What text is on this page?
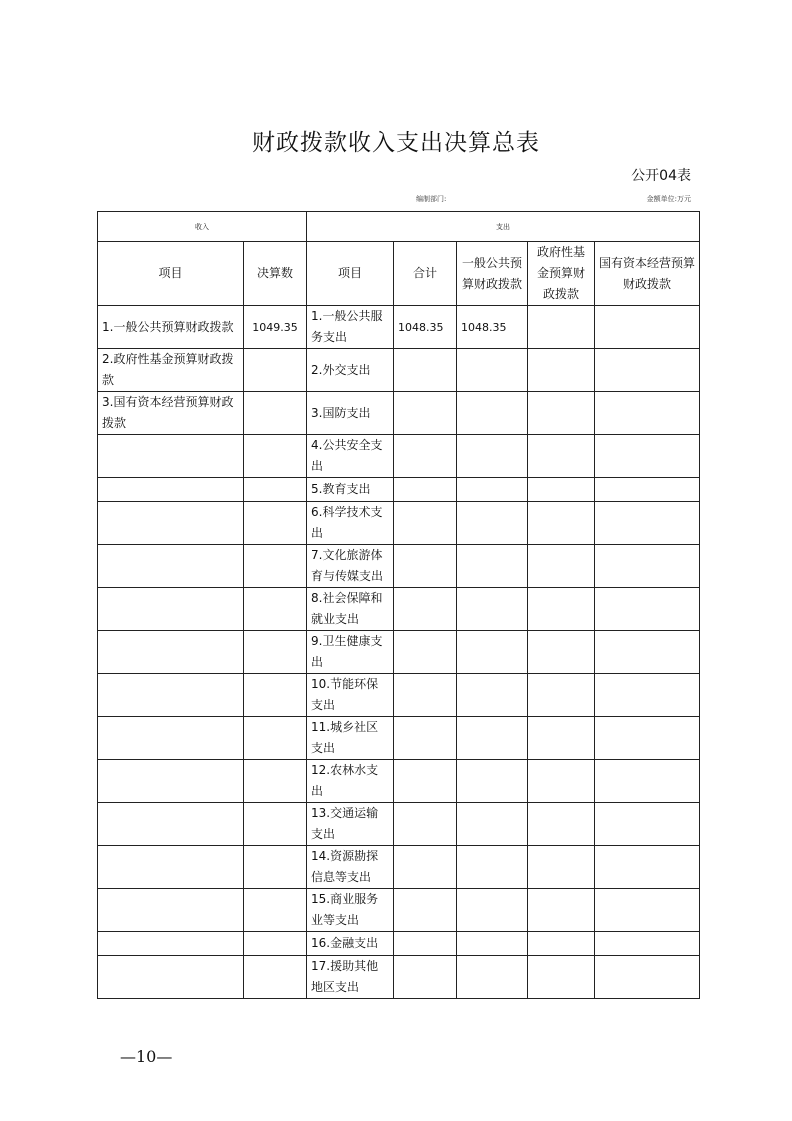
财政拨款收入支出决算总表
公开04表
编制部门:	金额单位:万元
收入		支出				
项目	决算数	项目	合计	一般公共预算财政拨款	政府性基金预算财政拨款	国有资本经营预算财政拨款
1.一般公共预算财政拨款	1049.35	1.一般公共服务支出	1048.35	1048.35		
2.政府性基金预算财政拨款		2.外交支出				
3.国有资本经营预算财政拨款		3.国防支出				
		4.公共安全支出				
		5.教育支出				
		6.科学技术支出				
		7.文化旅游体育与传媒支出				
		8.社会保障和就业支出				
		9.卫生健康支出				
		10.节能环保支出				
		11.城乡社区支出				
		12.农林水支出				
		13.交通运输支出				
		14.资源勘探信息等支出				
		15.商业服务业等支出				
		16.金融支出				
		17.援助其他地区支出				
—10—
